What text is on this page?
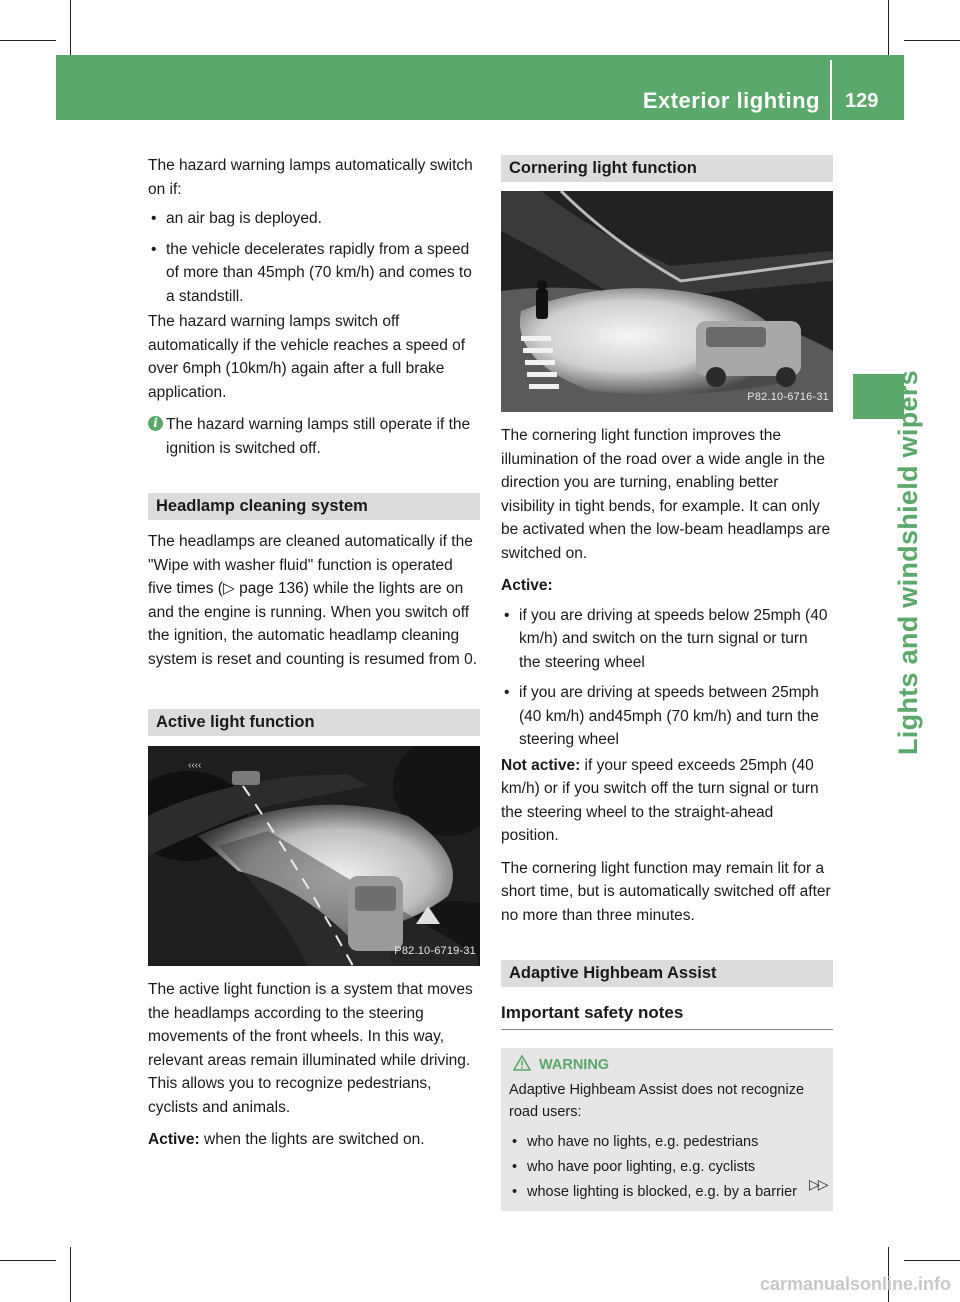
Exterior lighting 129
Lights and windshield wipers

The hazard warning lamps automatically switch on if:

• an air bag is deployed.
• the vehicle decelerates rapidly from a speed of more than 45mph (70 km/h) and comes to a standstill.

The hazard warning lamps switch off automatically if the vehicle reaches a speed of over 6mph (10km/h) again after a full brake application.

i The hazard warning lamps still operate if the ignition is switched off.
Headlamp cleaning system

The headlamps are cleaned automatically if the "Wipe with washer fluid" function is operated five times (▷ page 136) while the lights are on and the engine is running. When you switch off the ignition, the automatic headlamp cleaning system is reset and counting is resumed from 0.

Active light function
‹‹‹‹
P82.10-6719-31

The active light function is a system that moves the headlamps according to the steering movements of the front wheels. In this way, relevant areas remain illuminated while driving. This allows you to recognize pedestrians, cyclists and animals.

Active: when the lights are switched on.

Cornering light function
P82.10-6716-31

The cornering light function improves the illumination of the road over a wide angle in the direction you are turning, enabling better visibility in tight bends, for example. It can only be activated when the low-beam headlamps are switched on.

Active:

• if you are driving at speeds below 25mph (40 km/h) and switch on the turn signal or turn the steering wheel
• if you are driving at speeds between 25mph (40 km/h) and45mph (70 km/h) and turn the steering wheel

Not active: if your speed exceeds 25mph (40 km/h) or if you switch off the turn signal or turn the steering wheel to the straight-ahead position.

The cornering light function may remain lit for a short time, but is automatically switched off after no more than three minutes.

Adaptive Highbeam Assist
Important safety notes
WARNING

Adaptive Highbeam Assist does not recognize road users:

• who have no lights, e.g. pedestrians
• who have poor lighting, e.g. cyclists
• whose lighting is blocked, e.g. by a barrier ▷▷
carmanualsonline.info
